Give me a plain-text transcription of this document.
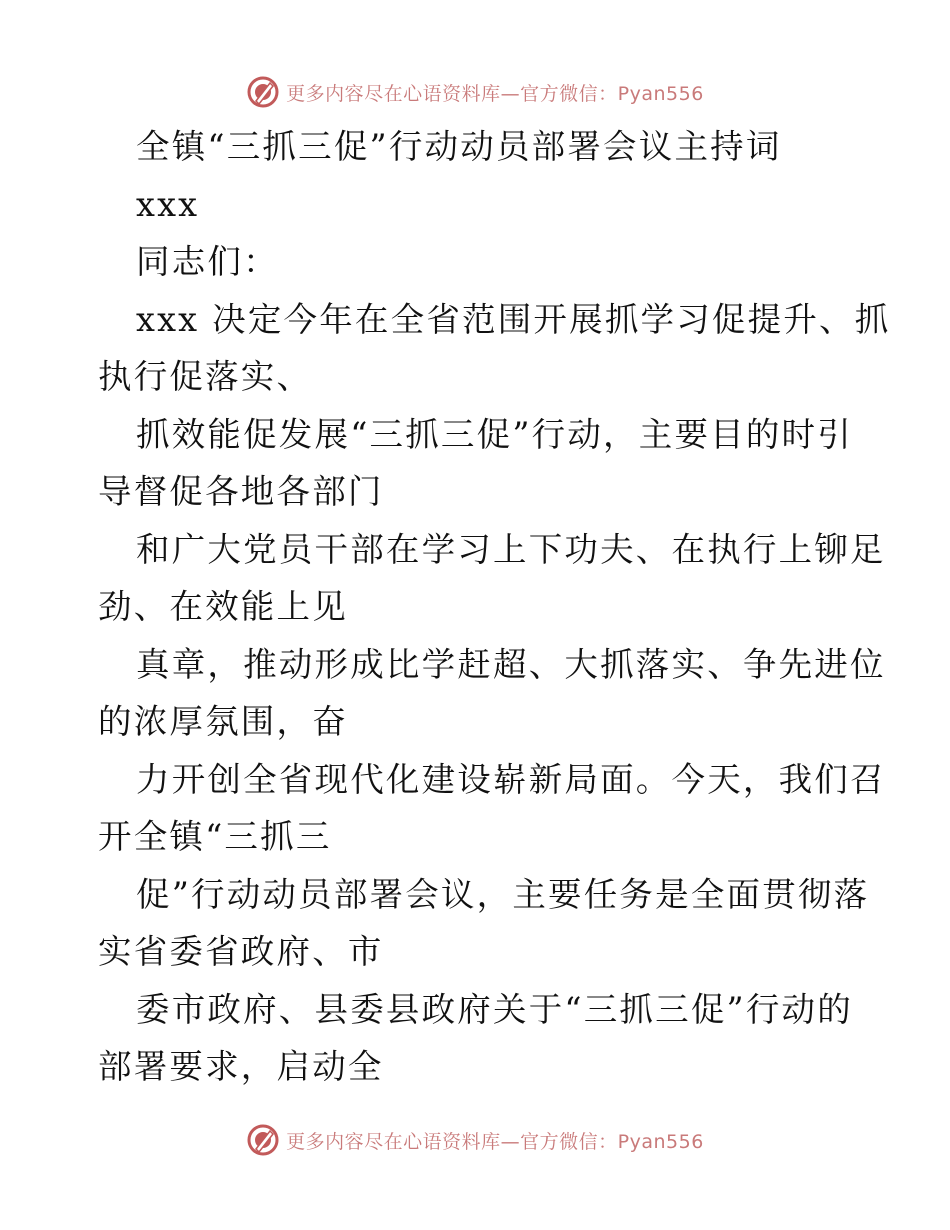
更多内容尽在心语资料库—官方微信：Pyan556
全镇“三抓三促”行动动员部署会议主持词
xxx
同志们：
xxx 决定今年在全省范围开展抓学习促提升、抓
执行促落实、
抓效能促发展“三抓三促”行动，主要目的时引
导督促各地各部门
和广大党员干部在学习上下功夫、在执行上铆足
劲、在效能上见
真章，推动形成比学赶超、大抓落实、争先进位
的浓厚氛围，奋
力开创全省现代化建设崭新局面。今天，我们召
开全镇“三抓三
促”行动动员部署会议，主要任务是全面贯彻落
实省委省政府、市
委市政府、县委县政府关于“三抓三促”行动的
部署要求，启动全
更多内容尽在心语资料库—官方微信：Pyan556
